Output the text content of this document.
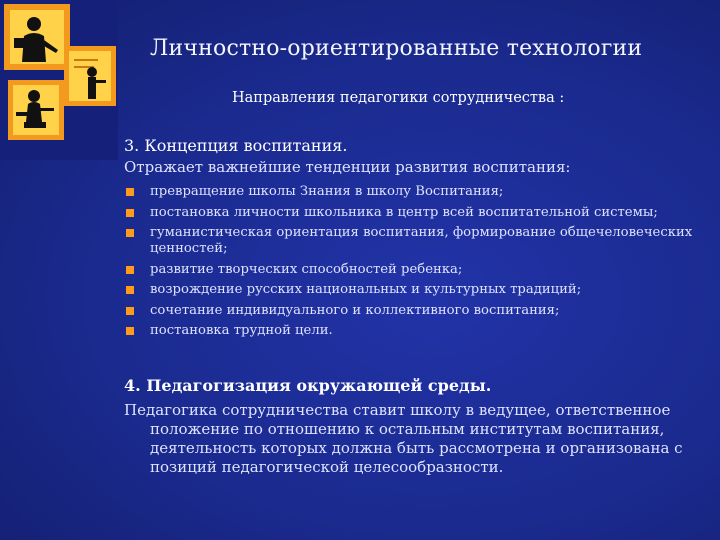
Личностно-ориентированные технологии
Направления педагогики сотрудничества :
3. Концепция воспитания.
Отражает важнейшие тенденции развития воспитания:
превращение школы Знания в школу Воспитания;
постановка личности школьника в центр всей воспитательной системы;
гуманистическая ориентация воспитания, формирование общечеловеческих ценностей;
развитие творческих способностей ребенка;
возрождение русских национальных и культурных традиций;
сочетание индивидуального и коллективного воспитания;
постановка трудной цели.
4. Педагогизация окружающей среды.
Педагогика сотрудничества ставит школу в ведущее, ответственное положение по отношению к остальным институтам воспитания, деятельность которых должна быть рассмотрена и организована с позиций педагогической целесообразности.
